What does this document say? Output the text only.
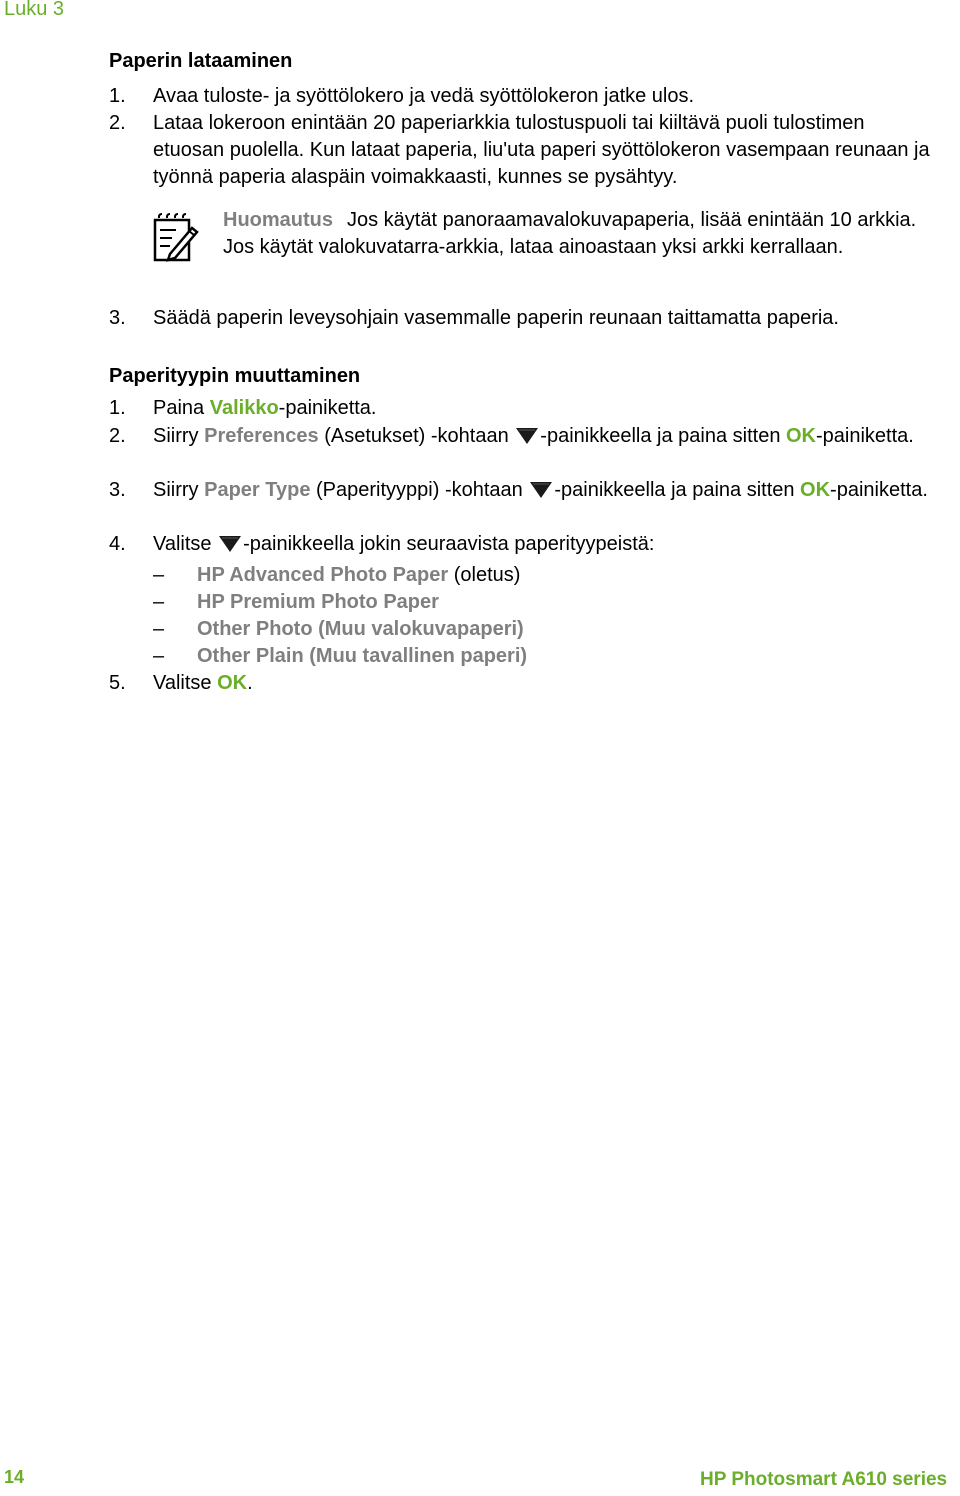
Luku 3
Paperin lataaminen
1.	Avaa tuloste- ja syöttölokero ja vedä syöttölokeron jatke ulos.
2.	Lataa lokeroon enintään 20 paperiarkkia tulostuspuoli tai kiiltävä puoli tulostimen etuosan puolella. Kun lataat paperia, liu'uta paperi syöttölokeron vasempaan reunaan ja työnnä paperia alaspäin voimakkaasti, kunnes se pysähtyy.
Huomautus Jos käytät panoraamavalokuvapaperia, lisää enintään 10 arkkia. Jos käytät valokuvatarra-arkkia, lataa ainoastaan yksi arkki kerrallaan.
3.	Säädä paperin leveysohjain vasemmalle paperin reunaan taittamatta paperia.
Paperityypin muuttaminen
1.	Paina Valikko-painiketta.
2.	Siirry Preferences (Asetukset) -kohtaan -painikkeella ja paina sitten OK-painiketta.
3.	Siirry Paper Type (Paperityyppi) -kohtaan -painikkeella ja paina sitten OK-painiketta.
4.	Valitse -painikkeella jokin seuraavista paperityypeistä:
– HP Advanced Photo Paper (oletus)
– HP Premium Photo Paper
– Other Photo (Muu valokuvapaperi)
– Other Plain (Muu tavallinen paperi)
5.	Valitse OK.
14	HP Photosmart A610 series
